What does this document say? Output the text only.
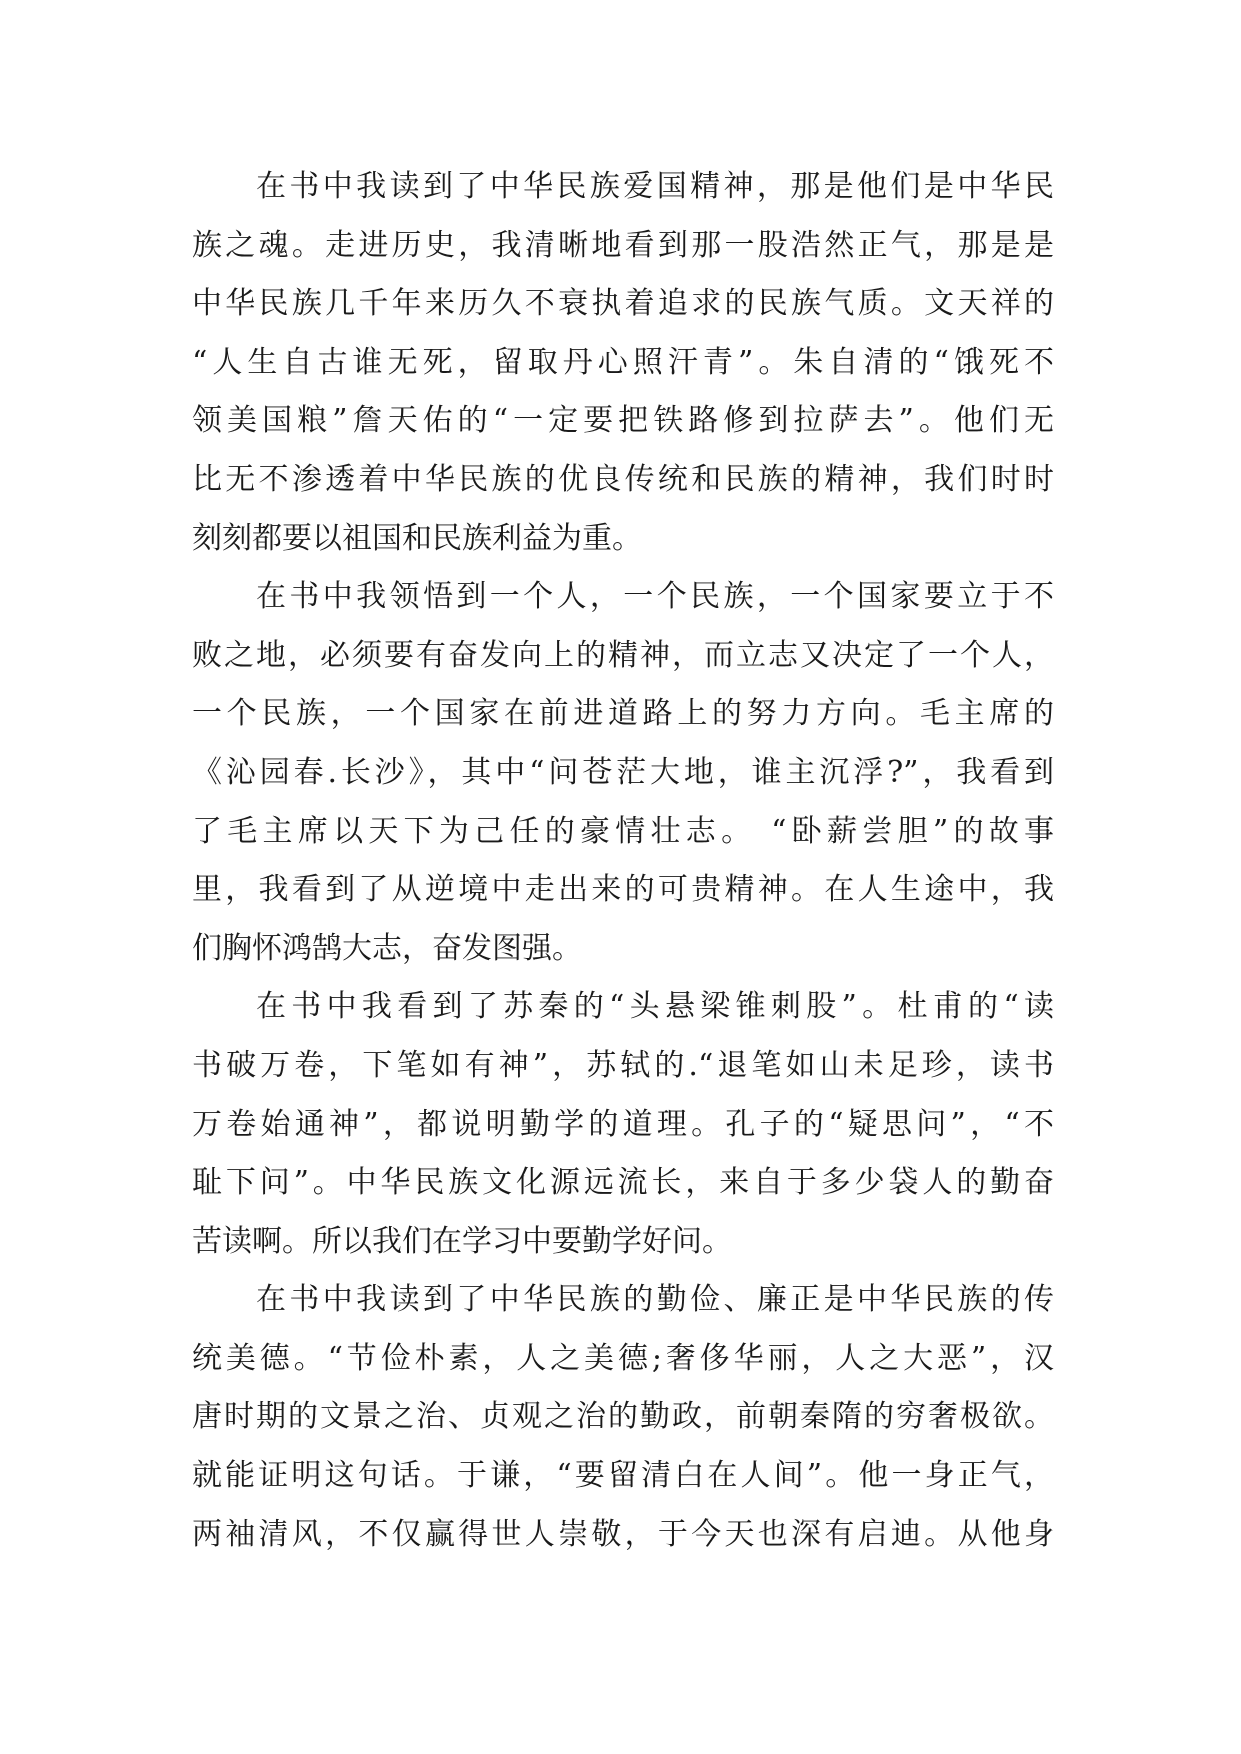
在书中我读到了中华民族爱国精神，那是他们是中华民
族之魂。走进历史，我清晰地看到那一股浩然正气，那是是
中华民族几千年来历久不衰执着追求的民族气质。文天祥的
“人生自古谁无死，留取丹心照汗青”。朱自清的“饿死不
领美国粮”詹天佑的“一定要把铁路修到拉萨去”。他们无
比无不渗透着中华民族的优良传统和民族的精神，我们时时
刻刻都要以祖国和民族利益为重。

在书中我领悟到一个人，一个民族，一个国家要立于不
败之地，必须要有奋发向上的精神，而立志又决定了一个人，
一个民族，一个国家在前进道路上的努力方向。毛主席的
《沁园春.长沙》，其中“问苍茫大地，谁主沉浮?”，我看到
了毛主席以天下为己任的豪情壮志。 “卧薪尝胆”的故事
里，我看到了从逆境中走出来的可贵精神。在人生途中，我
们胸怀鸿鹄大志，奋发图强。

在书中我看到了苏秦的“头悬梁锥刺股”。杜甫的“读
书破万卷，下笔如有神”，苏轼的.“退笔如山未足珍，读书
万卷始通神”，都说明勤学的道理。孔子的“疑思问”，“不
耻下问”。中华民族文化源远流长，来自于多少袋人的勤奋
苦读啊。所以我们在学习中要勤学好问。

在书中我读到了中华民族的勤俭、廉正是中华民族的传
统美德。“节俭朴素，人之美德;奢侈华丽，人之大恶”，汉
唐时期的文景之治、贞观之治的勤政，前朝秦隋的穷奢极欲。
就能证明这句话。于谦，“要留清白在人间”。他一身正气，
两袖清风，不仅赢得世人崇敬，于今天也深有启迪。从他身
